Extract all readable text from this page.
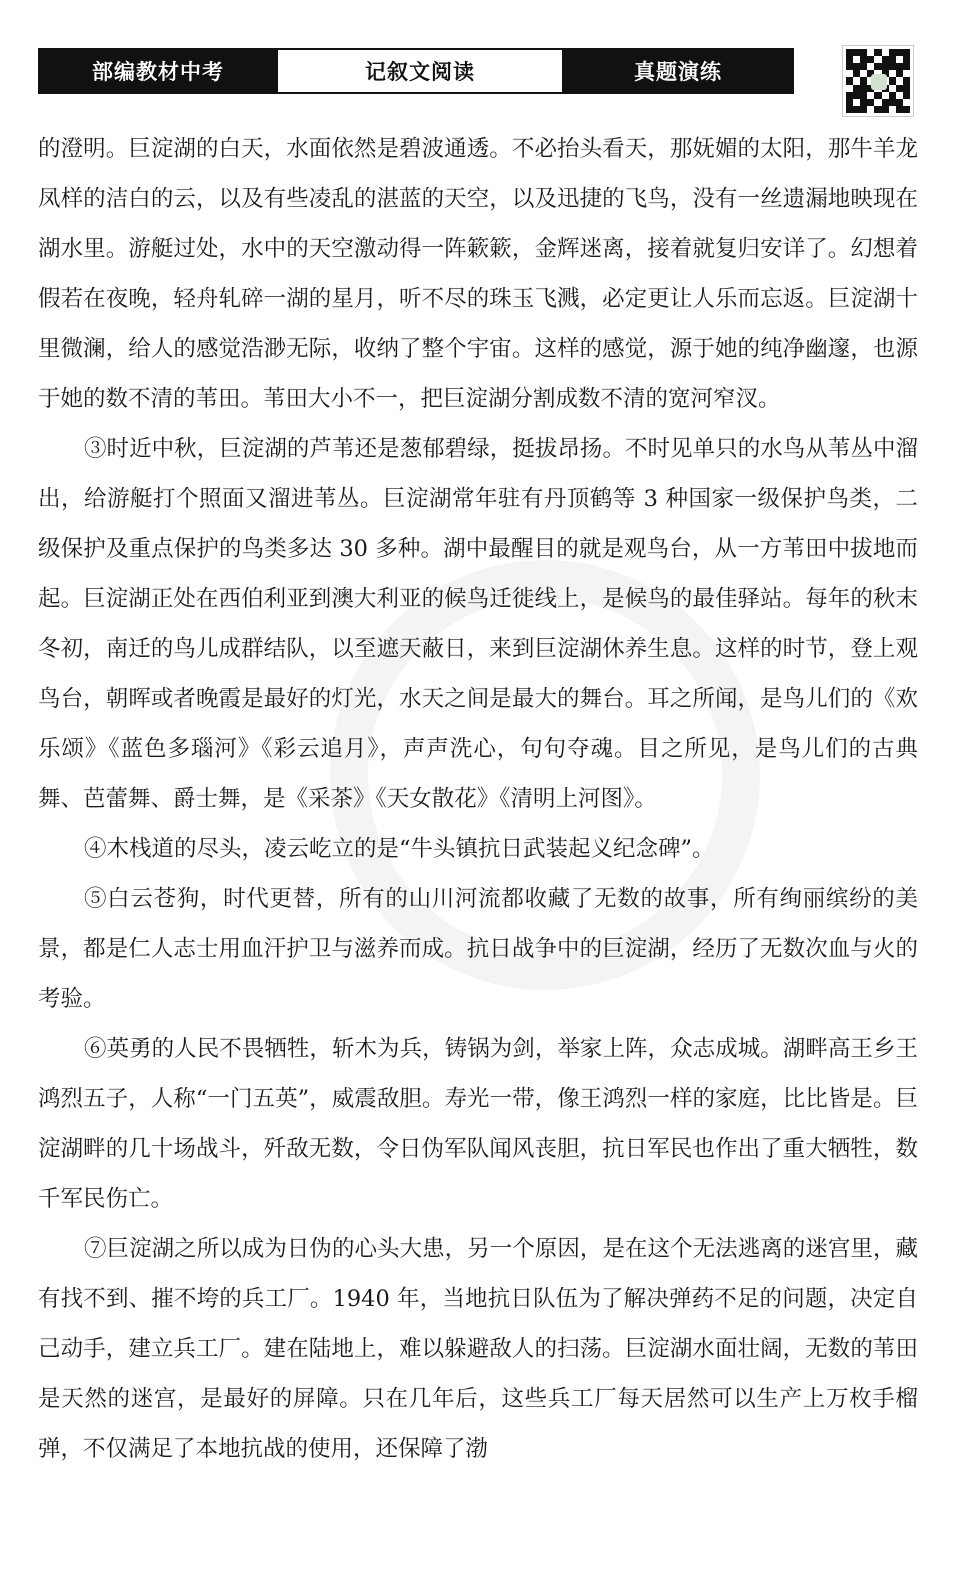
部编教材中考	记叙文阅读	真题演练

的澄明。巨淀湖的白天，水面依然是碧波通透。不必抬头看天，那妩媚的太阳，那牛羊龙凤样的洁白的云，以及有些凌乱的湛蓝的天空，以及迅捷的飞鸟，没有一丝遗漏地映现在湖水里。游艇过处，水中的天空激动得一阵簌簌，金辉迷离，接着就复归安详了。幻想着假若在夜晚，轻舟轧碎一湖的星月，听不尽的珠玉飞溅，必定更让人乐而忘返。巨淀湖十里微澜，给人的感觉浩渺无际，收纳了整个宇宙。这样的感觉，源于她的纯净幽邃，也源于她的数不清的苇田。苇田大小不一，把巨淀湖分割成数不清的宽河窄汊。

③时近中秋，巨淀湖的芦苇还是葱郁碧绿，挺拔昂扬。不时见单只的水鸟从苇丛中溜出，给游艇打个照面又溜进苇丛。巨淀湖常年驻有丹顶鹤等 3 种国家一级保护鸟类，二级保护及重点保护的鸟类多达 30 多种。湖中最醒目的就是观鸟台，从一方苇田中拔地而起。巨淀湖正处在西伯利亚到澳大利亚的候鸟迁徙线上，是候鸟的最佳驿站。每年的秋末冬初，南迁的鸟儿成群结队，以至遮天蔽日，来到巨淀湖休养生息。这样的时节，登上观鸟台，朝晖或者晚霞是最好的灯光，水天之间是最大的舞台。耳之所闻，是鸟儿们的《欢乐颂》《蓝色多瑙河》《彩云追月》，声声洗心，句句夺魂。目之所见，是鸟儿们的古典舞、芭蕾舞、爵士舞，是《采茶》《天女散花》《清明上河图》。

④木栈道的尽头，凌云屹立的是“牛头镇抗日武装起义纪念碑”。

⑤白云苍狗，时代更替，所有的山川河流都收藏了无数的故事，所有绚丽缤纷的美景，都是仁人志士用血汗护卫与滋养而成。抗日战争中的巨淀湖，经历了无数次血与火的考验。

⑥英勇的人民不畏牺牲，斩木为兵，铸锅为剑，举家上阵，众志成城。湖畔高王乡王鸿烈五子，人称“一门五英”，威震敌胆。寿光一带，像王鸿烈一样的家庭，比比皆是。巨淀湖畔的几十场战斗，歼敌无数，令日伪军队闻风丧胆，抗日军民也作出了重大牺牲，数千军民伤亡。

⑦巨淀湖之所以成为日伪的心头大患，另一个原因，是在这个无法逃离的迷宫里，藏有找不到、摧不垮的兵工厂。1940 年，当地抗日队伍为了解决弹药不足的问题，决定自己动手，建立兵工厂。建在陆地上，难以躲避敌人的扫荡。巨淀湖水面壮阔，无数的苇田是天然的迷宫，是最好的屏障。只在几年后，这些兵工厂每天居然可以生产上万枚手榴弹，不仅满足了本地抗战的使用，还保障了渤
